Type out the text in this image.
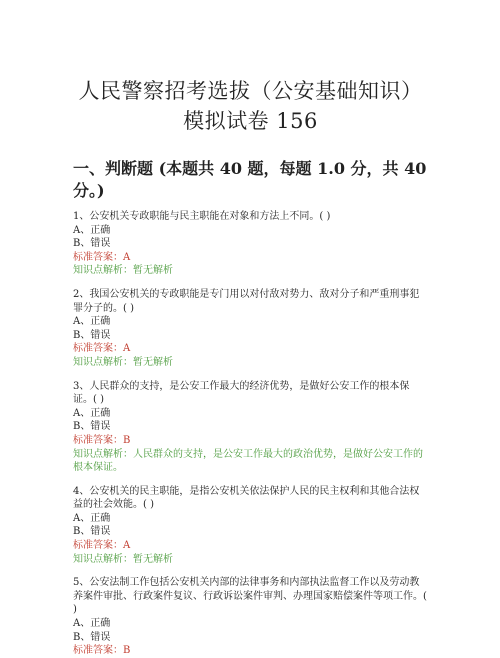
人民警察招考选拔（公安基础知识）模拟试卷 156
一、判断题 (本题共 40 题，每题 1.0 分，共 40 分。)

1 、 公安机关专政职能与民主职能在对象和方法上不同。( )

A、正确

B、错误

标准答案：A

知识点解析：暂无解析

2 、 我国公安机关的专政职能是专门用以对付敌对势力、敌对分子和严重刑事犯罪分子的。( )

A、正确

B、错误

标准答案：A

知识点解析：暂无解析

3 、 人民群众的支持，是公安工作最大的经济优势，是做好公安工作的根本保证。( )

A、正确

B、错误

标准答案：B

知识点解析：人民群众的支持，是公安工作最大的政治优势，是做好公安工作的根本保证。

4 、 公安机关的民主职能，是指公安机关依法保护人民的民主权利和其他合法权益的社会效能。( )

A、正确

B、错误

标准答案：A

知识点解析：暂无解析

5 、 公安法制工作包括公安机关内部的法律事务和内部执法监督工作以及劳动教养案件审批、行政案件复议、行政诉讼案件审判、办理国家赔偿案件等项工作。( )

A、正确

B、错误

标准答案：B
